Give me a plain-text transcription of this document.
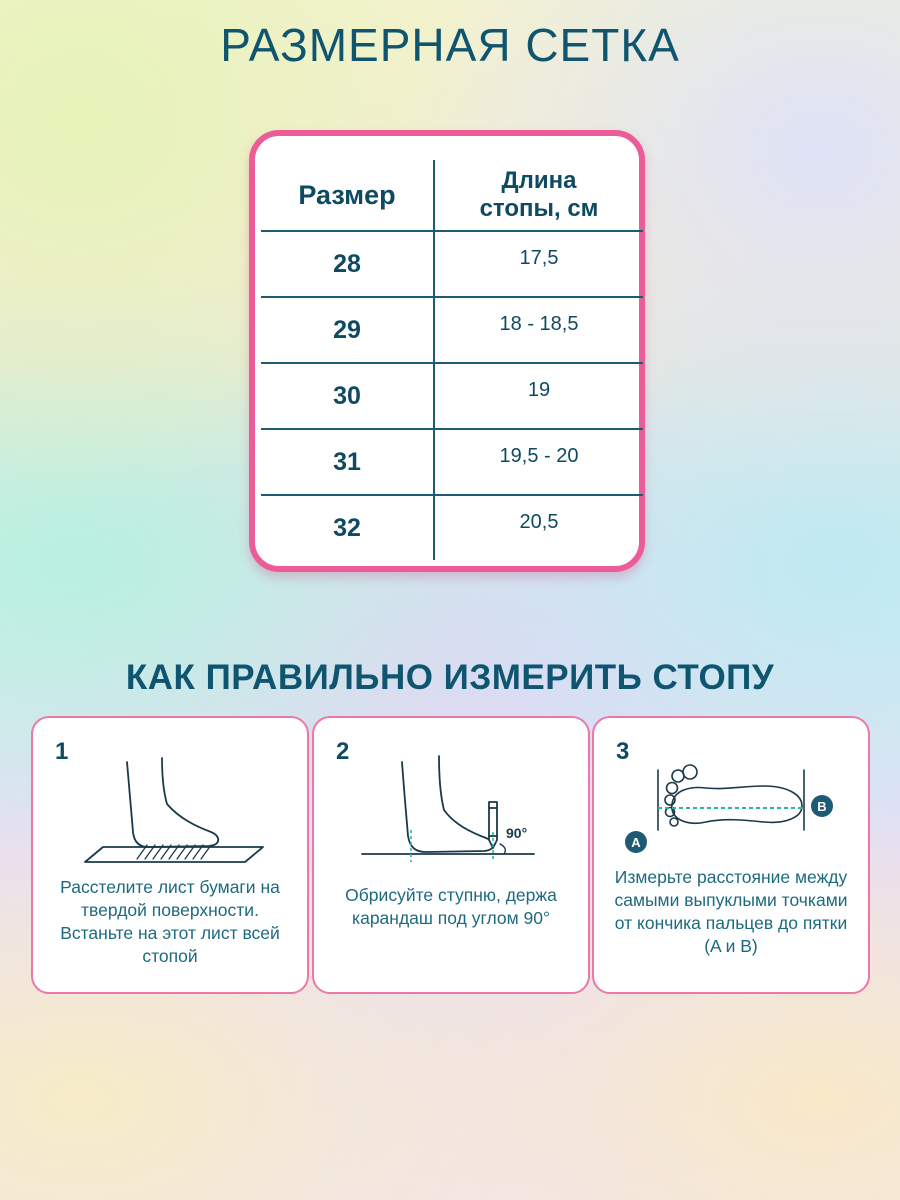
РАЗМЕРНАЯ СЕТКА
Размер	Длина
стопы, см
28	17,5
29	18 - 18,5
30	19
31	19,5 - 20
32	20,5
КАК ПРАВИЛЬНО ИЗМЕРИТЬ СТОПУ
1
Расстелите лист бумаги на твердой поверхности. Встаньте на этот лист всей стопой
2
90°
Обрисуйте ступню, держа карандаш под углом 90°
3
A
B
Измерьте расстояние между самыми выпуклыми точками от кончика пальцев до пятки (A и B)
